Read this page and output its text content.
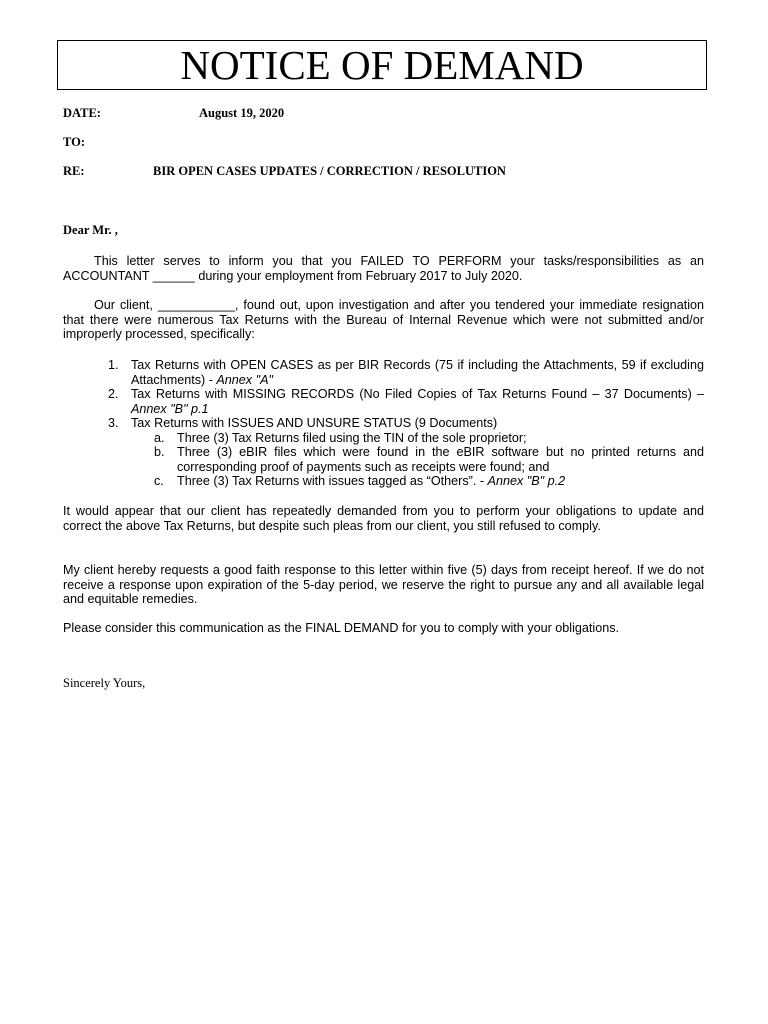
NOTICE OF DEMAND
DATE:	August 19, 2020
TO:
RE:	BIR OPEN CASES UPDATES / CORRECTION / RESOLUTION
Dear Mr. ,

This letter serves to inform you that you FAILED TO PERFORM your tasks/responsibilities as an ACCOUNTANT ______ during your employment from February 2017 to July 2020.

Our client, ___________, found out, upon investigation and after you tendered your immediate resignation that there were numerous Tax Returns with the Bureau of Internal Revenue which were not submitted and/or improperly processed, specifically:

1. Tax Returns with OPEN CASES as per BIR Records (75 if including the Attachments, 59 if excluding Attachments) - Annex "A"
2. Tax Returns with MISSING RECORDS (No Filed Copies of Tax Returns Found – 37 Documents) – Annex "B" p.1
3. Tax Returns with ISSUES AND UNSURE STATUS (9 Documents)
a. Three (3) Tax Returns filed using the TIN of the sole proprietor;
b. Three (3) eBIR files which were found in the eBIR software but no printed returns and corresponding proof of payments such as receipts were found; and
c. Three (3) Tax Returns with issues tagged as “Others”. - Annex "B" p.2

It would appear that our client has repeatedly demanded from you to perform your obligations to update and correct the above Tax Returns, but despite such pleas from our client, you still refused to comply.

My client hereby requests a good faith response to this letter within five (5) days from receipt hereof. If we do not receive a response upon expiration of the 5-day period, we reserve the right to pursue any and all available legal and equitable remedies.

Please consider this communication as the FINAL DEMAND for you to comply with your obligations.

Sincerely Yours,
